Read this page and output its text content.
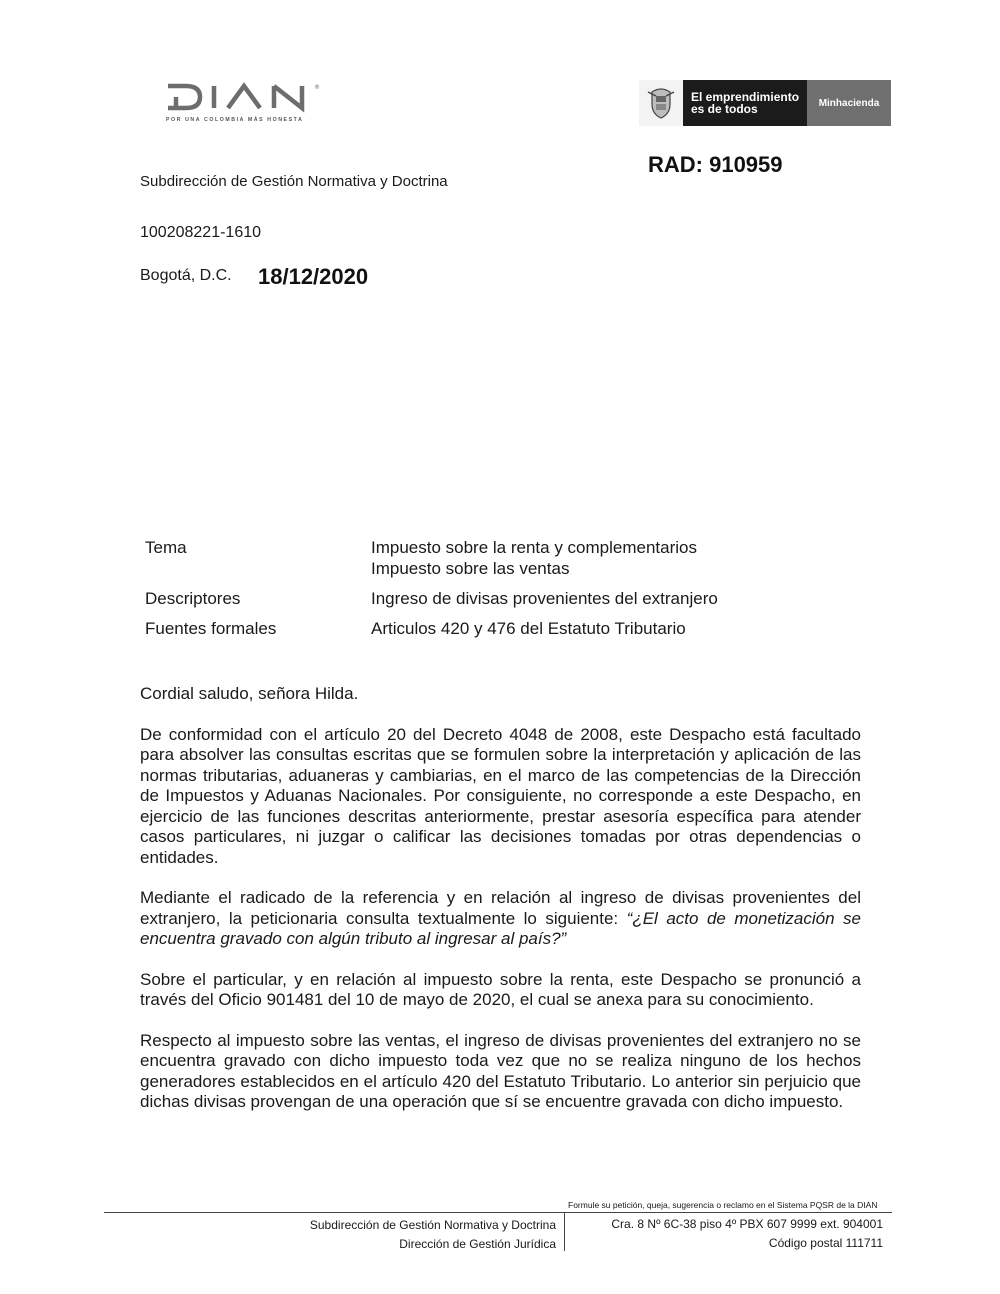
®
POR UNA COLOMBIA MÁS HONESTA
El emprendimiento
es de todos	Minhacienda
RAD: 910959
Subdirección de Gestión Normativa y Doctrina
100208221-1610
Bogotá, D.C. 18/12/2020
Tema	Impuesto sobre la renta y complementarios
Impuesto sobre las ventas
Descriptores	Ingreso de divisas provenientes del extranjero
Fuentes formales	Articulos 420 y 476 del Estatuto Tributario

Cordial saludo, señora Hilda.

De conformidad con el artículo 20 del Decreto 4048 de 2008, este Despacho está facultado para absolver las consultas escritas que se formulen sobre la interpretación y aplicación de las normas tributarias, aduaneras y cambiarias, en el marco de las competencias de la Dirección de Impuestos y Aduanas Nacionales. Por consiguiente, no corresponde a este Despacho, en ejercicio de las funciones descritas anteriormente, prestar asesoría específica para atender casos particulares, ni juzgar o calificar las decisiones tomadas por otras dependencias o entidades.

Mediante el radicado de la referencia y en relación al ingreso de divisas provenientes del extranjero, la peticionaria consulta textualmente lo siguiente: “¿El acto de monetización se encuentra gravado con algún tributo al ingresar al país?”

Sobre el particular, y en relación al impuesto sobre la renta, este Despacho se pronunció a través del Oficio 901481 del 10 de mayo de 2020, el cual se anexa para su conocimiento.

Respecto al impuesto sobre las ventas, el ingreso de divisas provenientes del extranjero no se encuentra gravado con dicho impuesto toda vez que no se realiza ninguno de los hechos generadores establecidos en el artículo 420 del Estatuto Tributario. Lo anterior sin perjuicio que dichas divisas provengan de una operación que sí se encuentre gravada con dicho impuesto.

Formule su petición, queja, sugerencia o reclamo en el Sistema PQSR de la DIAN
Subdirección de Gestión Normativa y Doctrina
Dirección de Gestión Jurídica
Cra. 8 Nº 6C-38 piso 4º PBX 607 9999 ext. 904001
Código postal 111711
